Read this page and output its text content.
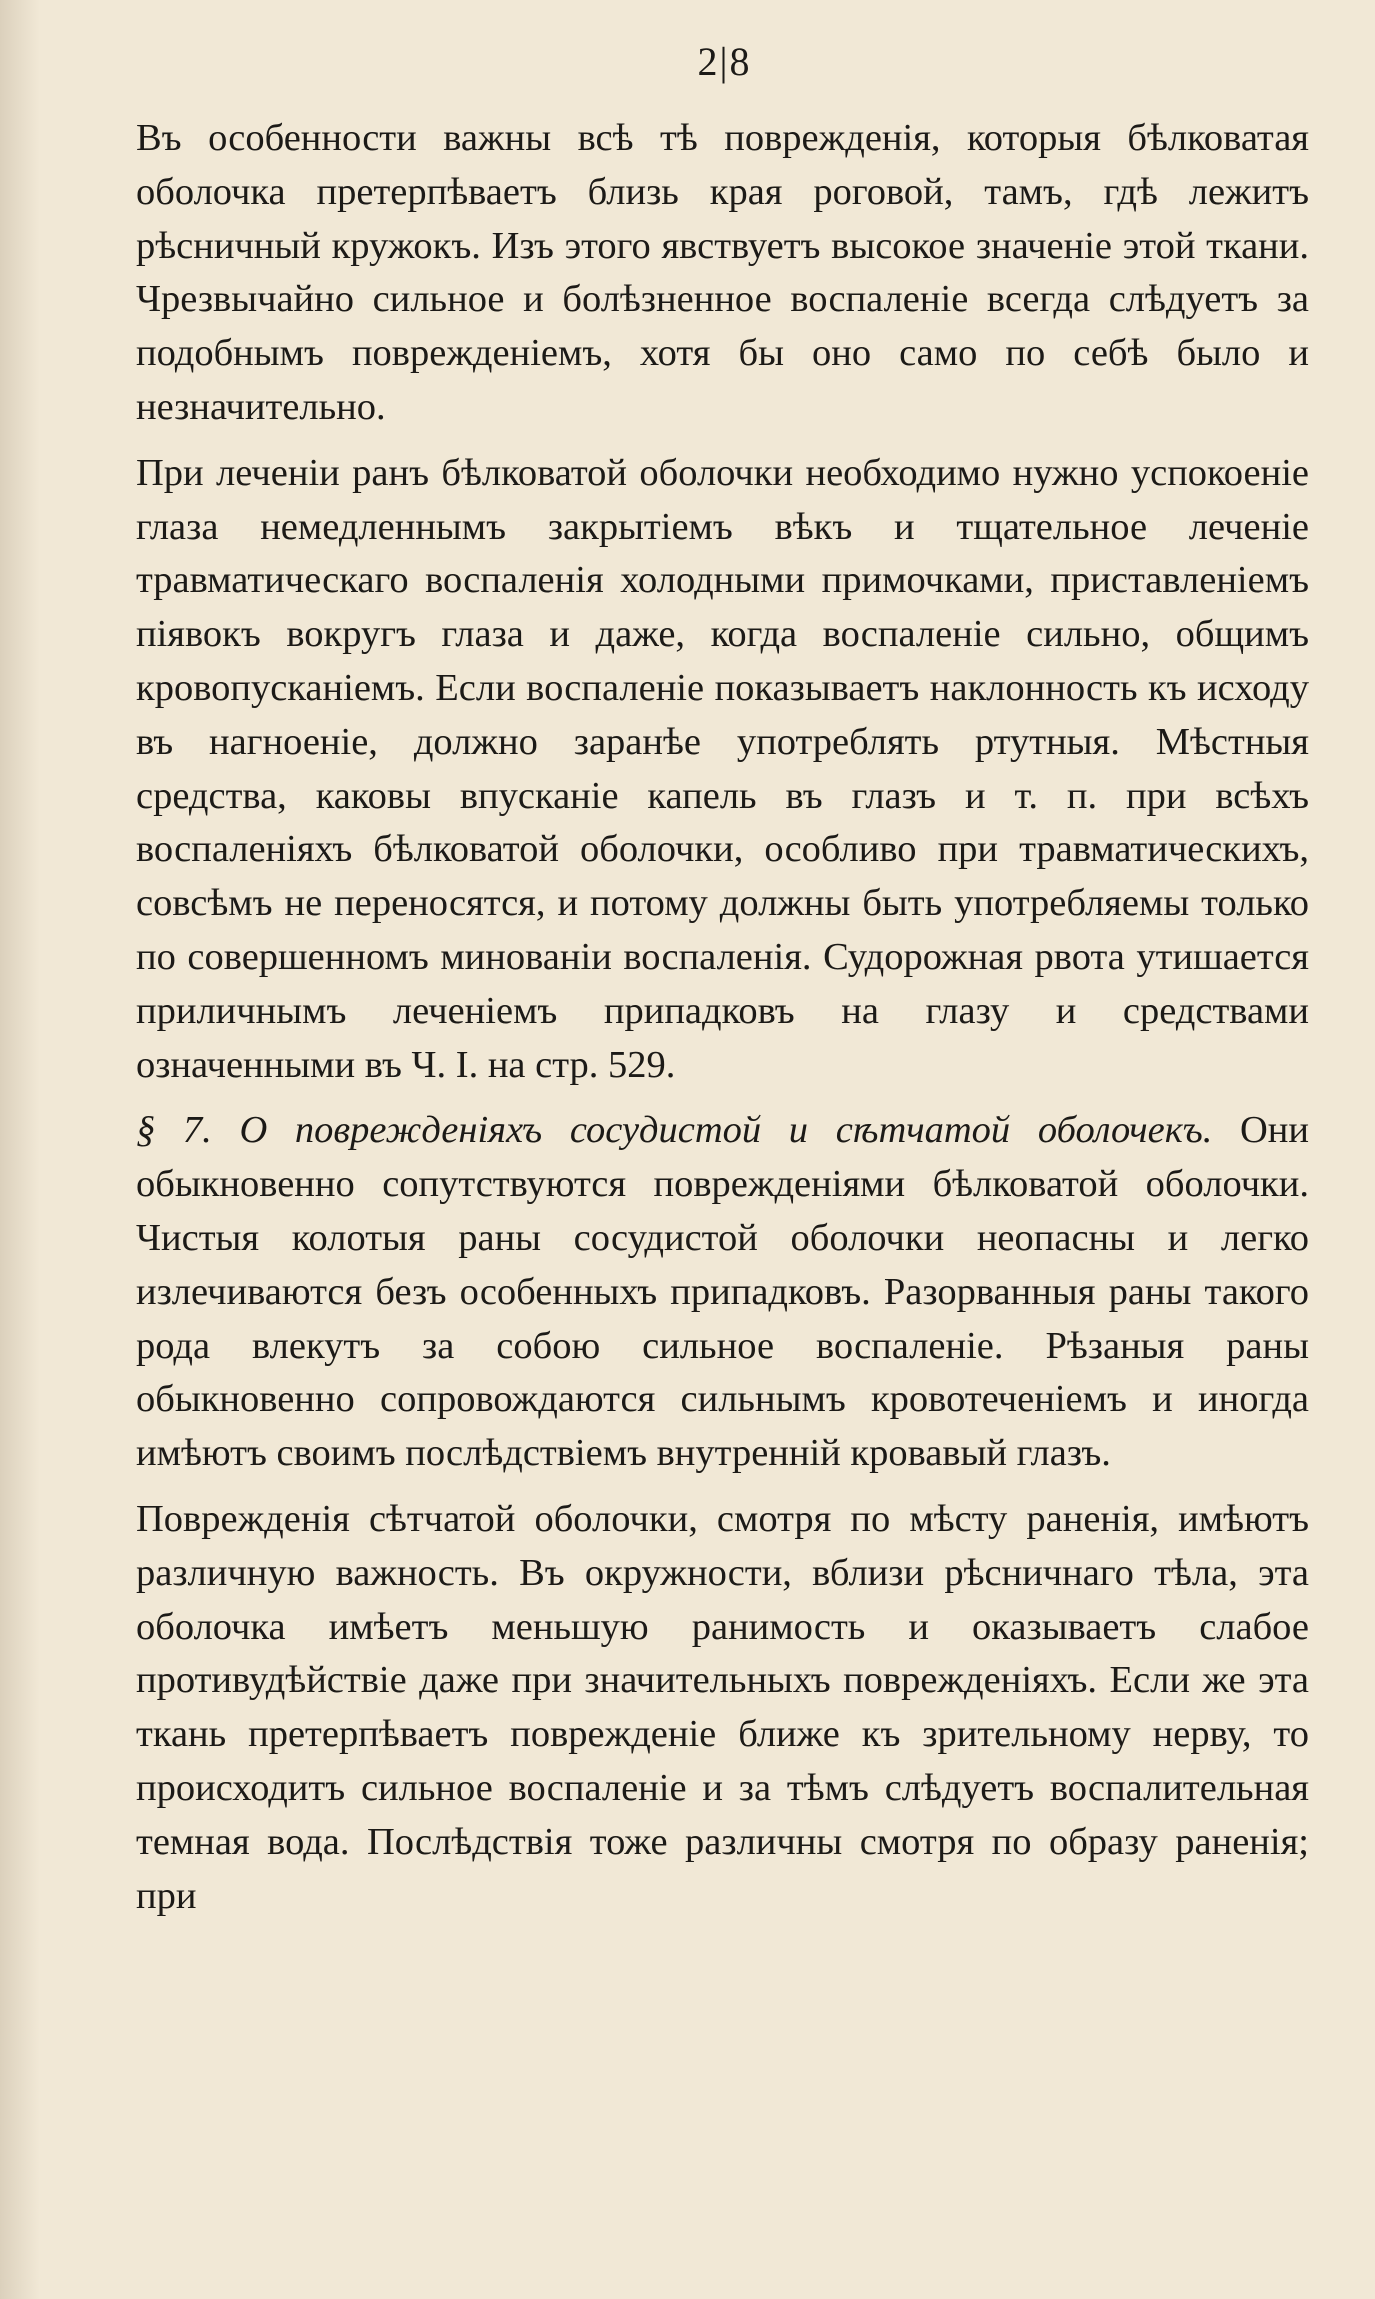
2|8

Въ особенности важны всѣ тѣ поврежденія, которыя бѣлковатая оболочка претерпѣваетъ близь края роговой, тамъ, гдѣ лежитъ рѣсничный кружокъ. Изъ этого явствуетъ высокое значеніе этой ткани. Чрезвычайно сильное и болѣзненное воспаленіе всегда слѣдуетъ за подобнымъ поврежденіемъ, хотя бы оно само по себѣ было и незначительно.

При леченіи ранъ бѣлковатой оболочки необходимо нужно успокоеніе глаза немедленнымъ закрытіемъ вѣкъ и тщательное леченіе травматическаго воспаленія холодными примочками, приставленіемъ піявокъ вокругъ глаза и даже, когда воспаленіе сильно, общимъ кровопусканіемъ. Если воспаленіе показываетъ наклонность къ исходу въ нагноеніе, должно заранѣе употреблять ртутныя. Мѣстныя средства, каковы впусканіе капель въ глазъ и т. п. при всѣхъ воспаленіяхъ бѣлковатой оболочки, особливо при травматическихъ, совсѣмъ не переносятся, и потому должны быть употребляемы только по совершенномъ минованіи воспаленія. Судорожная рвота утишается приличнымъ леченіемъ припадковъ на глазу и средствами означенными въ Ч. I. на стр. 529.

§ 7. О поврежденіяхъ сосудистой и сѣтчатой оболочекъ. Они обыкновенно сопутствуются поврежденіями бѣлковатой оболочки. Чистыя колотыя раны сосудистой оболочки неопасны и легко излечиваются безъ особенныхъ припадковъ. Разорванныя раны такого рода влекутъ за собою сильное воспаленіе. Рѣзаныя раны обыкновенно сопровождаются сильнымъ кровотеченіемъ и иногда имѣютъ своимъ послѣдствіемъ внутренній кровавый глазъ.

Поврежденія сѣтчатой оболочки, смотря по мѣсту раненія, имѣютъ различную важность. Въ окружности, вблизи рѣсничнаго тѣла, эта оболочка имѣетъ меньшую ранимость и оказываетъ слабое противудѣйствіе даже при значительныхъ поврежденіяхъ. Если же эта ткань претерпѣваетъ поврежденіе ближе къ зрительному нерву, то происходитъ сильное воспаленіе и за тѣмъ слѣдуетъ воспалительная темная вода. Послѣдствія тоже различны смотря по образу раненія; при
